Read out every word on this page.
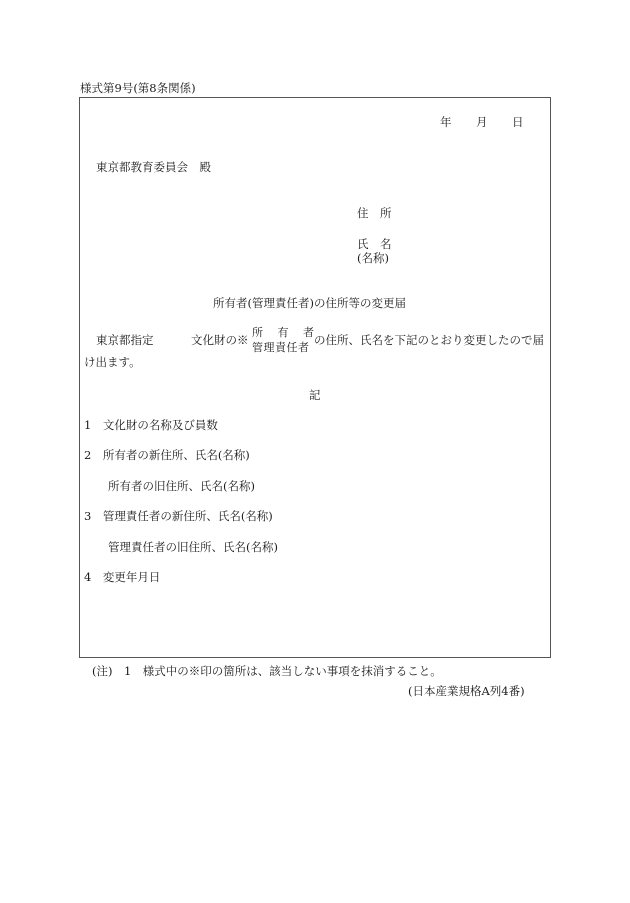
様式第9号(第8条関係)
年 月 日
東京都教育委員会　殿
住　所
氏　名
(名称)
所有者(管理責任者)の住所等の変更届
東京都指定	文化財の※
所 有 者
管理責任者
の住所、氏名を下記のとおり変更したので届
け出ます。
記
1　文化財の名称及び員数
2　所有者の新住所、氏名(名称)
所有者の旧住所、氏名(名称)
3　管理責任者の新住所、氏名(名称)
管理責任者の旧住所、氏名(名称)
4　変更年月日
(注)　1　様式中の※印の箇所は、該当しない事項を抹消すること。
(日本産業規格A列4番)
